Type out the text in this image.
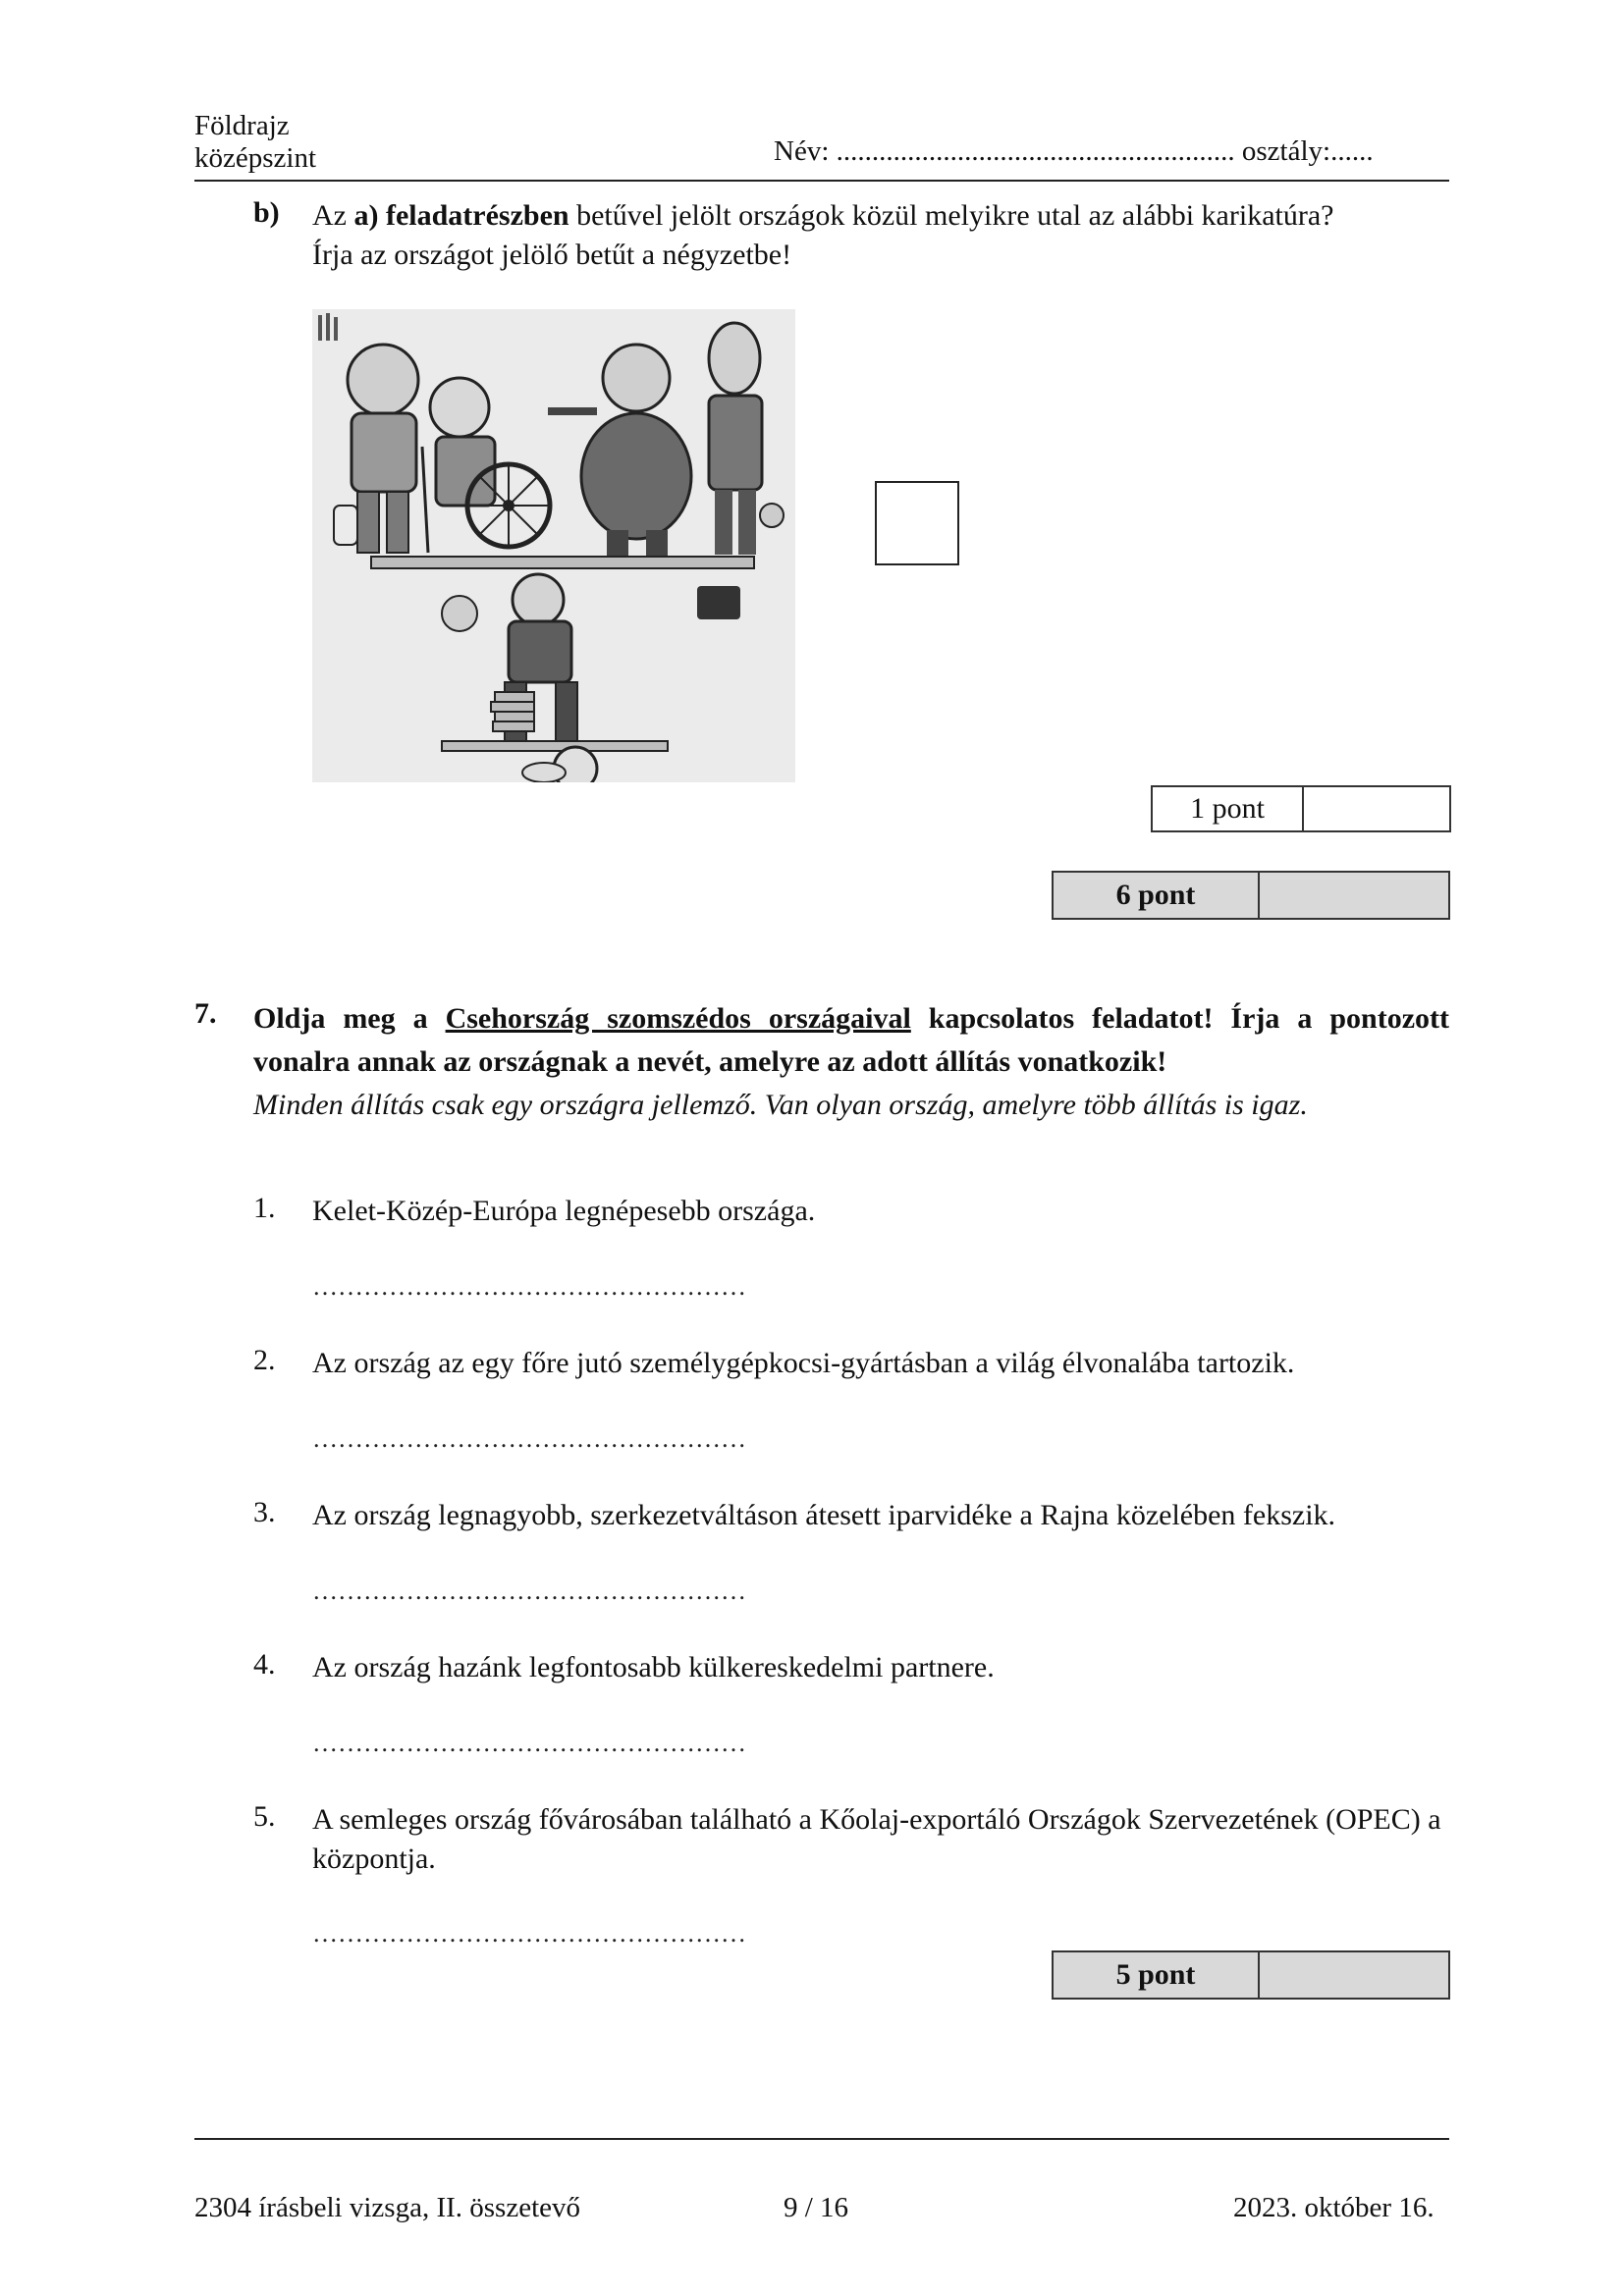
Földrajz
középszint	Név: ........................................................ osztály:......
b) Az a) feladatrészben betűvel jelölt országok közül melyikre utal az alábbi karikatúra?
Írja az országot jelölő betűt a négyzetbe!
1 pont
6 pont
7. Oldja meg a Csehország szomszédos országaival kapcsolatos feladatot! Írja a pontozott vonalra annak az országnak a nevét, amelyre az adott állítás vonatkozik!
Minden állítás csak egy országra jellemző. Van olyan ország, amelyre több állítás is igaz.
1. Kelet-Közép-Európa legnépesebb országa.
……………………………………………
2. Az ország az egy főre jutó személygépkocsi-gyártásban a világ élvonalába tartozik.
……………………………………………
3. Az ország legnagyobb, szerkezetváltáson átesett iparvidéke a Rajna közelében fekszik.
……………………………………………
4. Az ország hazánk legfontosabb külkereskedelmi partnere.
……………………………………………
5. A semleges ország fővárosában található a Kőolaj-exportáló Országok Szervezetének (OPEC) a központja.
……………………………………………
5 pont
2304 írásbeli vizsga, II. összetevő	9 / 16	2023. október 16.
